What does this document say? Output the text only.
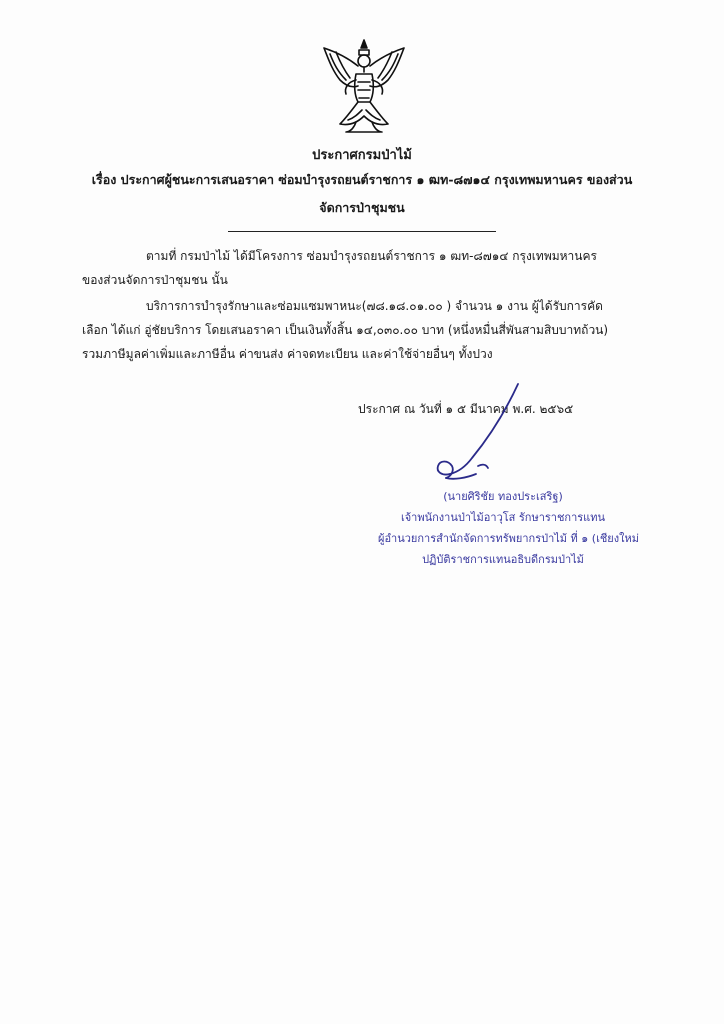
ประกาศกรมป่าไม้
เรื่อง ประกาศผู้ชนะการเสนอราคา ซ่อมบำรุงรถยนต์ราชการ ๑ ฒท-๘๗๑๔ กรุงเทพมหานคร ของส่วนจัดการป่าชุมชน
ตามที่ กรมป่าไม้ ได้มีโครงการ ซ่อมบำรุงรถยนต์ราชการ ๑ ฒท-๘๗๑๔ กรุงเทพมหานคร ของส่วนจัดการป่าชุมชน นั้น
บริการการบำรุงรักษาและซ่อมแซมพาหนะ(๗๘.๑๘.๐๑.๐๐ ) จำนวน ๑ งาน ผู้ได้รับการคัดเลือก ได้แก่ อู่ชัยบริการ โดยเสนอราคา เป็นเงินทั้งสิ้น ๑๔,๐๓๐.๐๐ บาท (หนึ่งหมื่นสี่พันสามสิบบาทถ้วน) รวมภาษีมูลค่าเพิ่มและภาษีอื่น ค่าขนส่ง ค่าจดทะเบียน และค่าใช้จ่ายอื่นๆ ทั้งปวง
ประกาศ ณ วันที่ ๑ ๕ มีนาคม พ.ศ. ๒๕๖๕
(นายศิริชัย ทองประเสริฐ)
เจ้าพนักงานป่าไม้อาวุโส รักษาราชการแทน
ผู้อำนวยการสำนักจัดการทรัพยากรป่าไม้ ที่ ๑ (เชียงใหม่
ปฏิบัติราชการแทนอธิบดีกรมป่าไม้
